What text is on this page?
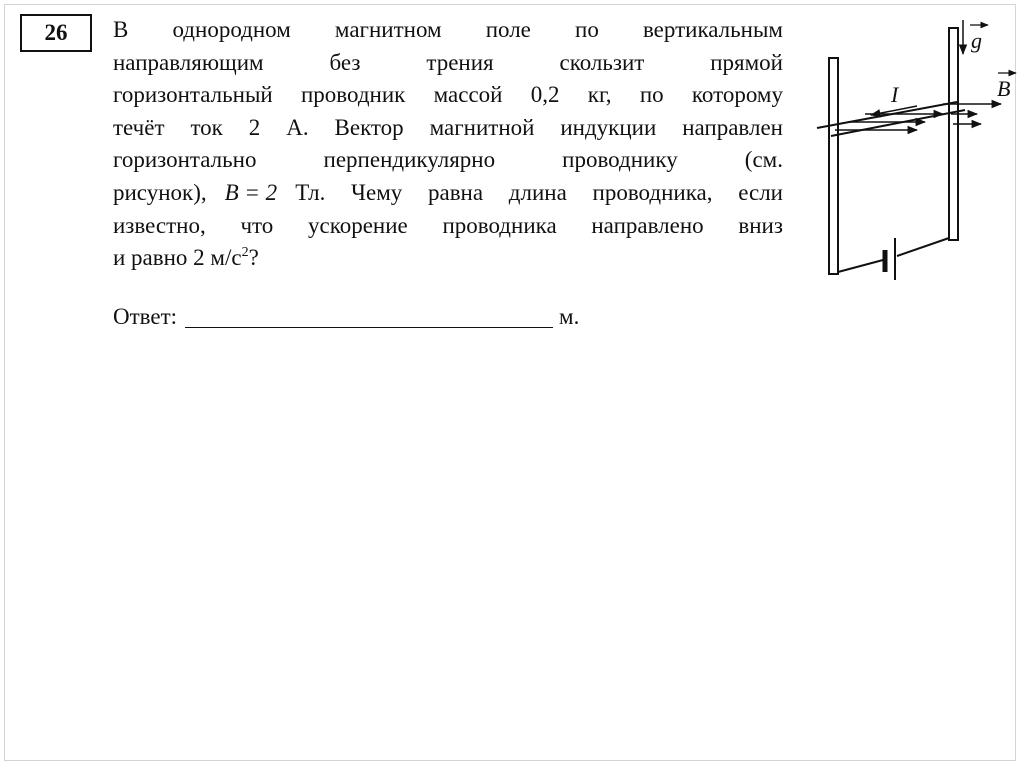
26	В однородном магнитном поле по вертикальным
направляющим	без	трения	скользит	прямой
горизонтальный проводник массой 0,2 кг, по которому
течёт ток 2 А. Вектор магнитной индукции направлен
горизонтально	перпендикулярно	проводнику	(см.
рисунок), B = 2 Тл. Чему равна длина проводника, если
известно, что ускорение проводника направлено вниз
и равно 2 $м/с^2$?
Ответ:	м.
g
B
I
